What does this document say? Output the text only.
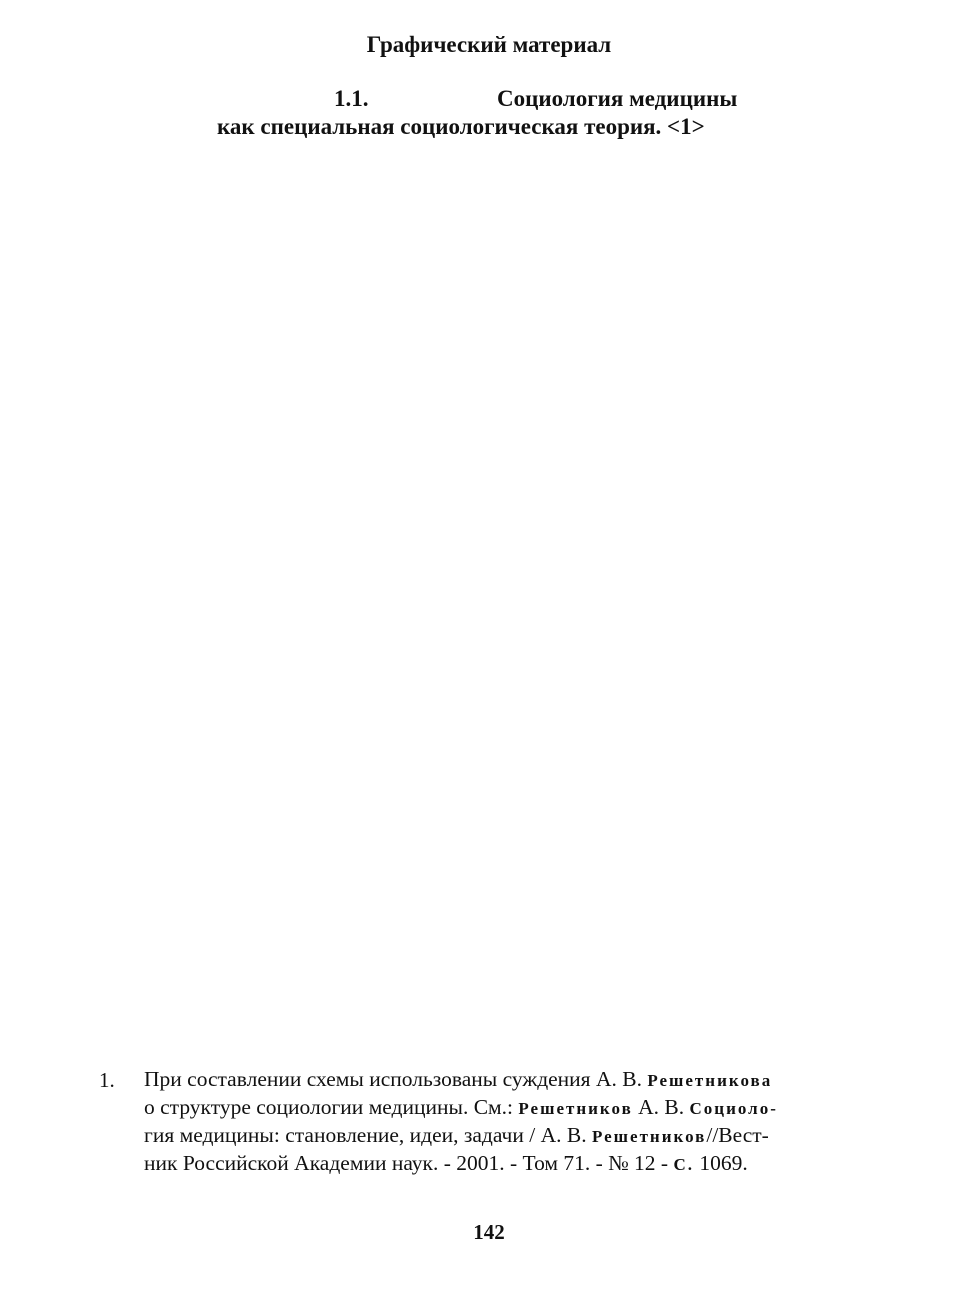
Графический материал
1.1.	Социология медицины
как специальная социологическая теория. <1>
1. При составлении схемы использованы суждения А. В. Решетникова
о структуре социологии медицины. См.: Решетников А. В. Социоло-
гия медицины: становление, идеи, задачи / А. В. Решетников//Вест-
ник Российской Академии наук. - 2001. - Том 71. - № 12 - С. 1069.
142
